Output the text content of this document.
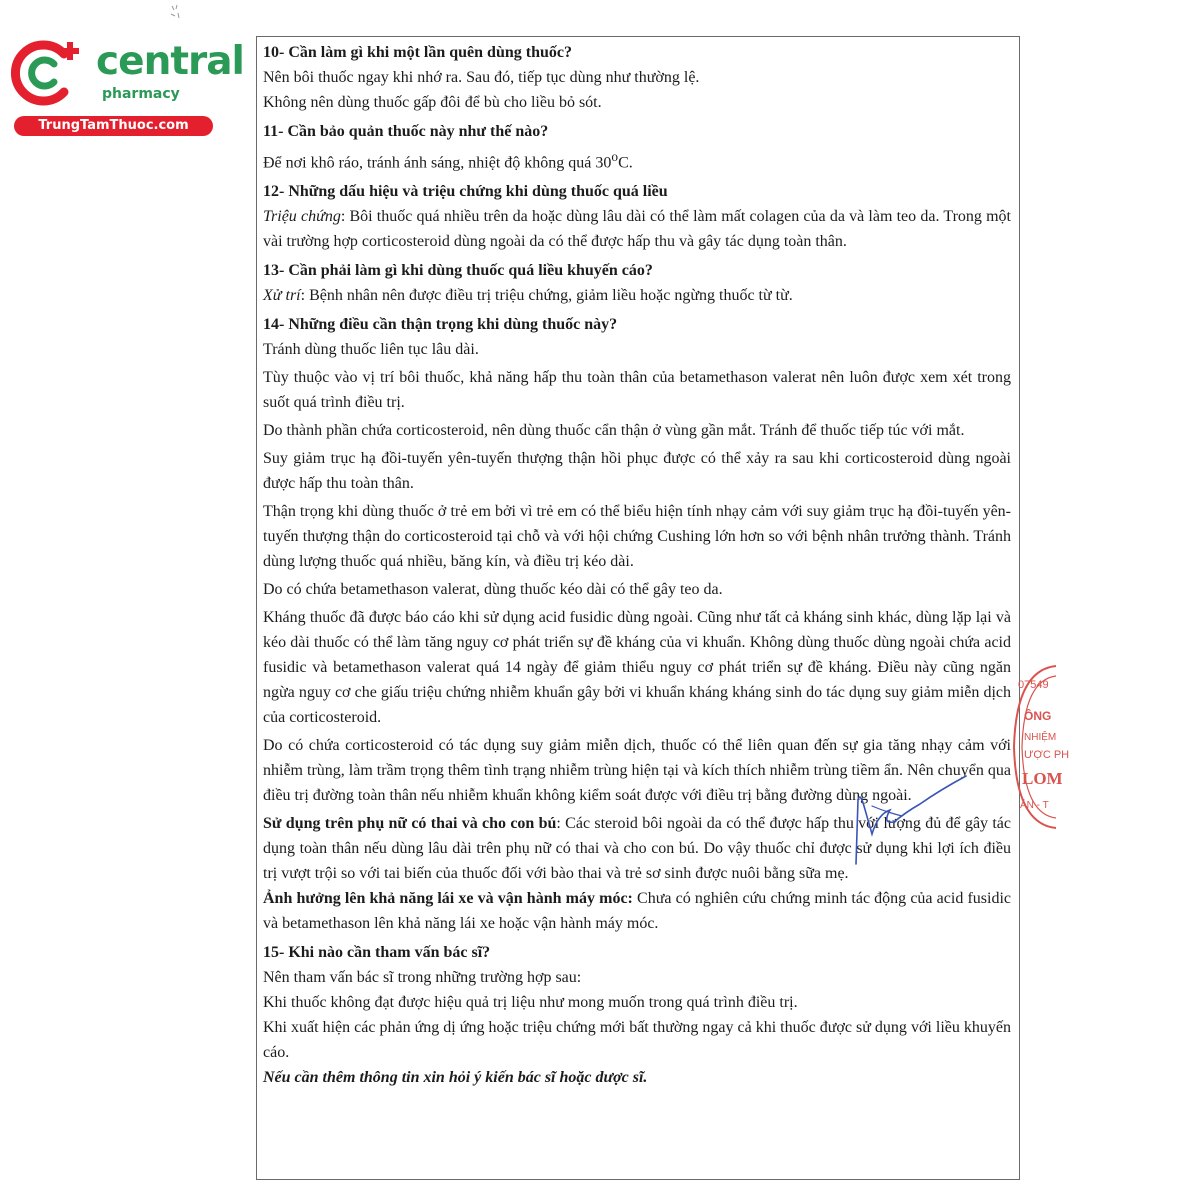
central
pharmacy
TrungTamThuoc.com

10- Cần làm gì khi một lần quên dùng thuốc?

Nên bôi thuốc ngay khi nhớ ra. Sau đó, tiếp tục dùng như thường lệ.

Không nên dùng thuốc gấp đôi để bù cho liều bỏ sót.

11- Cần bảo quản thuốc này như thế nào?

Để nơi khô ráo, tránh ánh sáng, nhiệt độ không quá 30$^o$C.

12- Những dấu hiệu và triệu chứng khi dùng thuốc quá liều

Triệu chứng: Bôi thuốc quá nhiều trên da hoặc dùng lâu dài có thể làm mất colagen của da và làm teo da. Trong một vài trường hợp corticosteroid dùng ngoài da có thể được hấp thu và gây tác dụng toàn thân.

13- Cần phải làm gì khi dùng thuốc quá liều khuyến cáo?

Xử trí: Bệnh nhân nên được điều trị triệu chứng, giảm liều hoặc ngừng thuốc từ từ.

14- Những điều cần thận trọng khi dùng thuốc này?

Tránh dùng thuốc liên tục lâu dài.

Tùy thuộc vào vị trí bôi thuốc, khả năng hấp thu toàn thân của betamethason valerat nên luôn được xem xét trong suốt quá trình điều trị.

Do thành phần chứa corticosteroid, nên dùng thuốc cẩn thận ở vùng gần mắt. Tránh để thuốc tiếp túc với mắt.

Suy giảm trục hạ đồi-tuyến yên-tuyến thượng thận hồi phục được có thể xảy ra sau khi corticosteroid dùng ngoài được hấp thu toàn thân.

Thận trọng khi dùng thuốc ở trẻ em bởi vì trẻ em có thể biểu hiện tính nhạy cảm với suy giảm trục hạ đồi-tuyến yên-tuyến thượng thận do corticosteroid tại chỗ và với hội chứng Cushing lớn hơn so với bệnh nhân trưởng thành. Tránh dùng lượng thuốc quá nhiều, băng kín, và điều trị kéo dài.

Do có chứa betamethason valerat, dùng thuốc kéo dài có thể gây teo da.

Kháng thuốc đã được báo cáo khi sử dụng acid fusidic dùng ngoài. Cũng như tất cả kháng sinh khác, dùng lặp lại và kéo dài thuốc có thể làm tăng nguy cơ phát triển sự đề kháng của vi khuẩn. Không dùng thuốc dùng ngoài chứa acid fusidic và betamethason valerat quá 14 ngày để giảm thiểu nguy cơ phát triển sự đề kháng. Điều này cũng ngăn ngừa nguy cơ che giấu triệu chứng nhiễm khuẩn gây bởi vi khuẩn kháng kháng sinh do tác dụng suy giảm miễn dịch của corticosteroid.

Do có chứa corticosteroid có tác dụng suy giảm miễn dịch, thuốc có thể liên quan đến sự gia tăng nhạy cảm với nhiễm trùng, làm trầm trọng thêm tình trạng nhiễm trùng hiện tại và kích thích nhiễm trùng tiềm ẩn. Nên chuyển qua điều trị đường toàn thân nếu nhiễm khuẩn không kiểm soát được với điều trị bằng đường dùng ngoài.

Sử dụng trên phụ nữ có thai và cho con bú: Các steroid bôi ngoài da có thể được hấp thu với lượng đủ để gây tác dụng toàn thân nếu dùng lâu dài trên phụ nữ có thai và cho con bú. Do vậy thuốc chỉ được sử dụng khi lợi ích điều trị vượt trội so với tai biến của thuốc đối với bào thai và trẻ sơ sinh được nuôi bằng sữa mẹ.

Ảnh hưởng lên khả năng lái xe và vận hành máy móc: Chưa có nghiên cứu chứng minh tác động của acid fusidic và betamethason lên khả năng lái xe hoặc vận hành máy móc.

15- Khi nào cần tham vấn bác sĩ?

Nên tham vấn bác sĩ trong những trường hợp sau:

Khi thuốc không đạt được hiệu quả trị liệu như mong muốn trong quá trình điều trị.

Khi xuất hiện các phản ứng dị ứng hoặc triệu chứng mới bất thường ngay cả khi thuốc được sử dụng với liều khuyến cáo.

Nếu cần thêm thông tin xin hỏi ý kiến bác sĩ hoặc dược sĩ.

07549
ÔNG
NHIỆM
ƯỢC PH
LOM
ÂN - T
